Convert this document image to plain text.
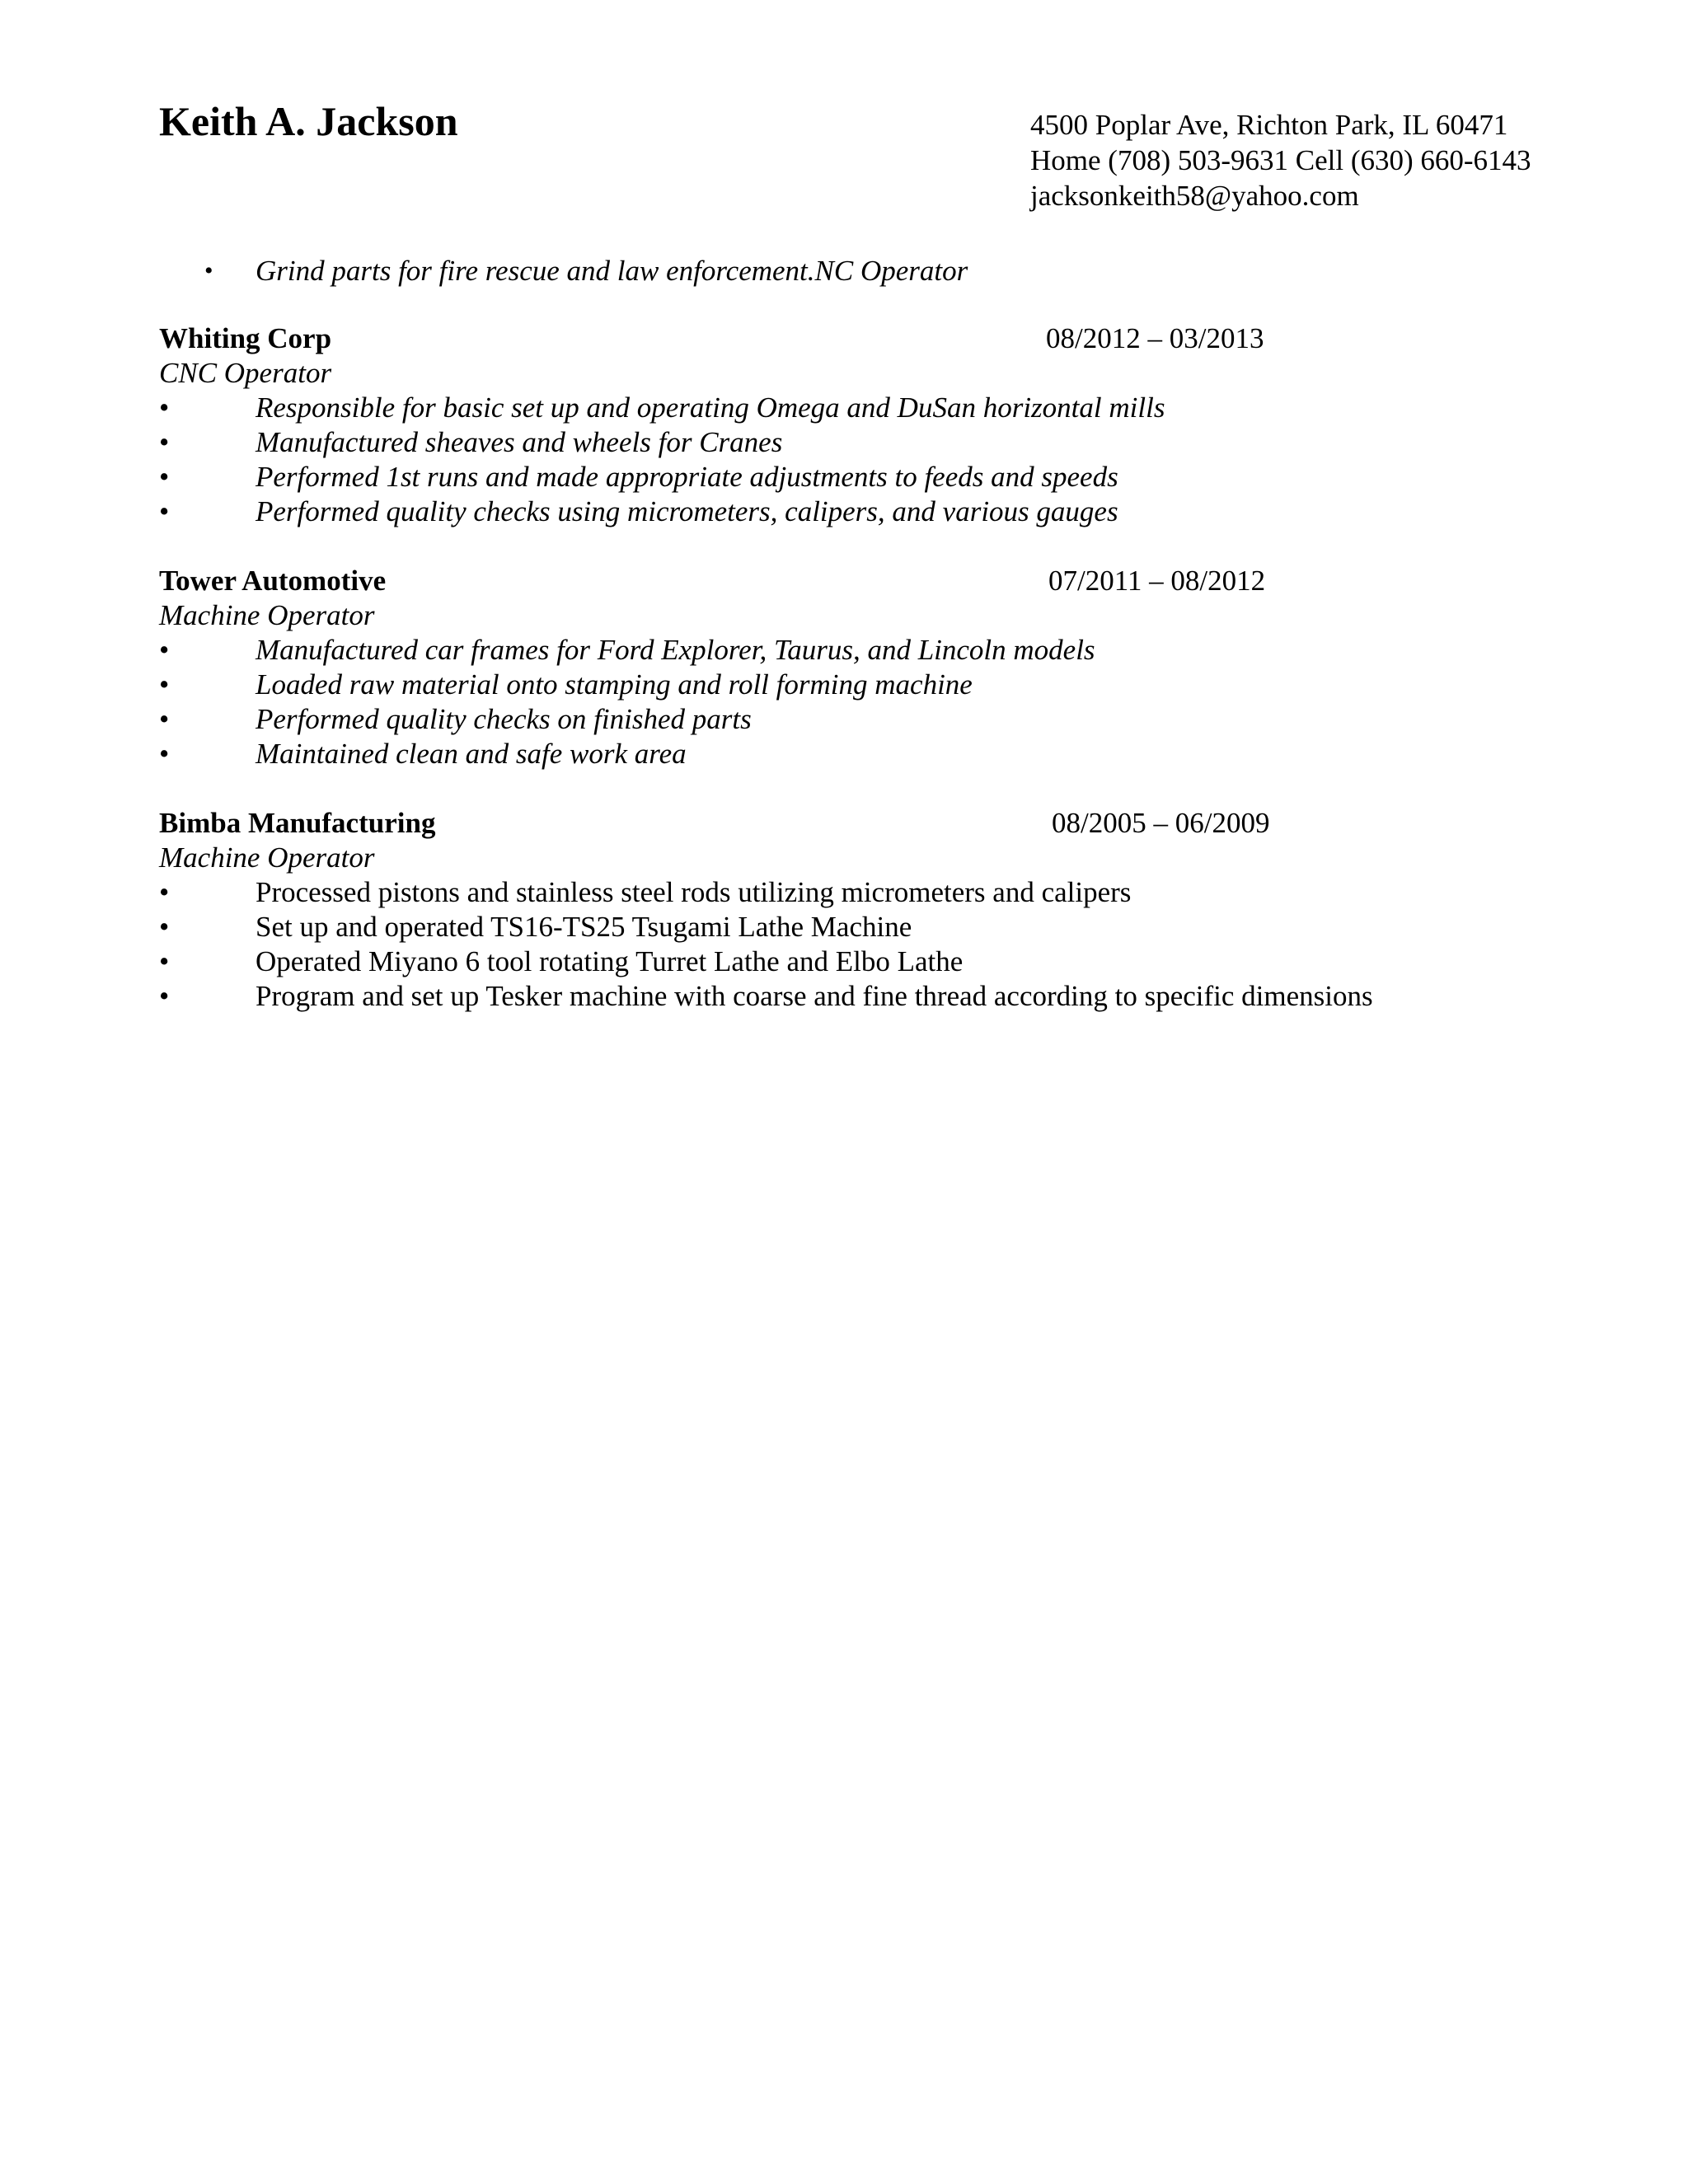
Keith A. Jackson	4500 Poplar Ave, Richton Park, IL 60471
Home (708) 503-9631 Cell (630) 660-6143
jacksonkeith58@yahoo.com
• Grind parts for fire rescue and law enforcement.NC Operator
Whiting Corp	08/2012 – 03/2013
CNC Operator
•	Responsible for basic set up and operating Omega and DuSan horizontal mills
•	Manufactured sheaves and wheels for Cranes
•	Performed 1st runs and made appropriate adjustments to feeds and speeds
•	Performed quality checks using micrometers, calipers, and various gauges
Tower Automotive	07/2011 – 08/2012
Machine Operator
•	Manufactured car frames for Ford Explorer, Taurus, and Lincoln models
•	Loaded raw material onto stamping and roll forming machine
•	Performed quality checks on finished parts
•	Maintained clean and safe work area
Bimba Manufacturing	08/2005 – 06/2009
Machine Operator
•	Processed pistons and stainless steel rods utilizing micrometers and calipers
•	Set up and operated TS16-TS25 Tsugami Lathe Machine
•	Operated Miyano 6 tool rotating Turret Lathe and Elbo Lathe
•	Program and set up Tesker machine with coarse and fine thread according to specific dimensions
